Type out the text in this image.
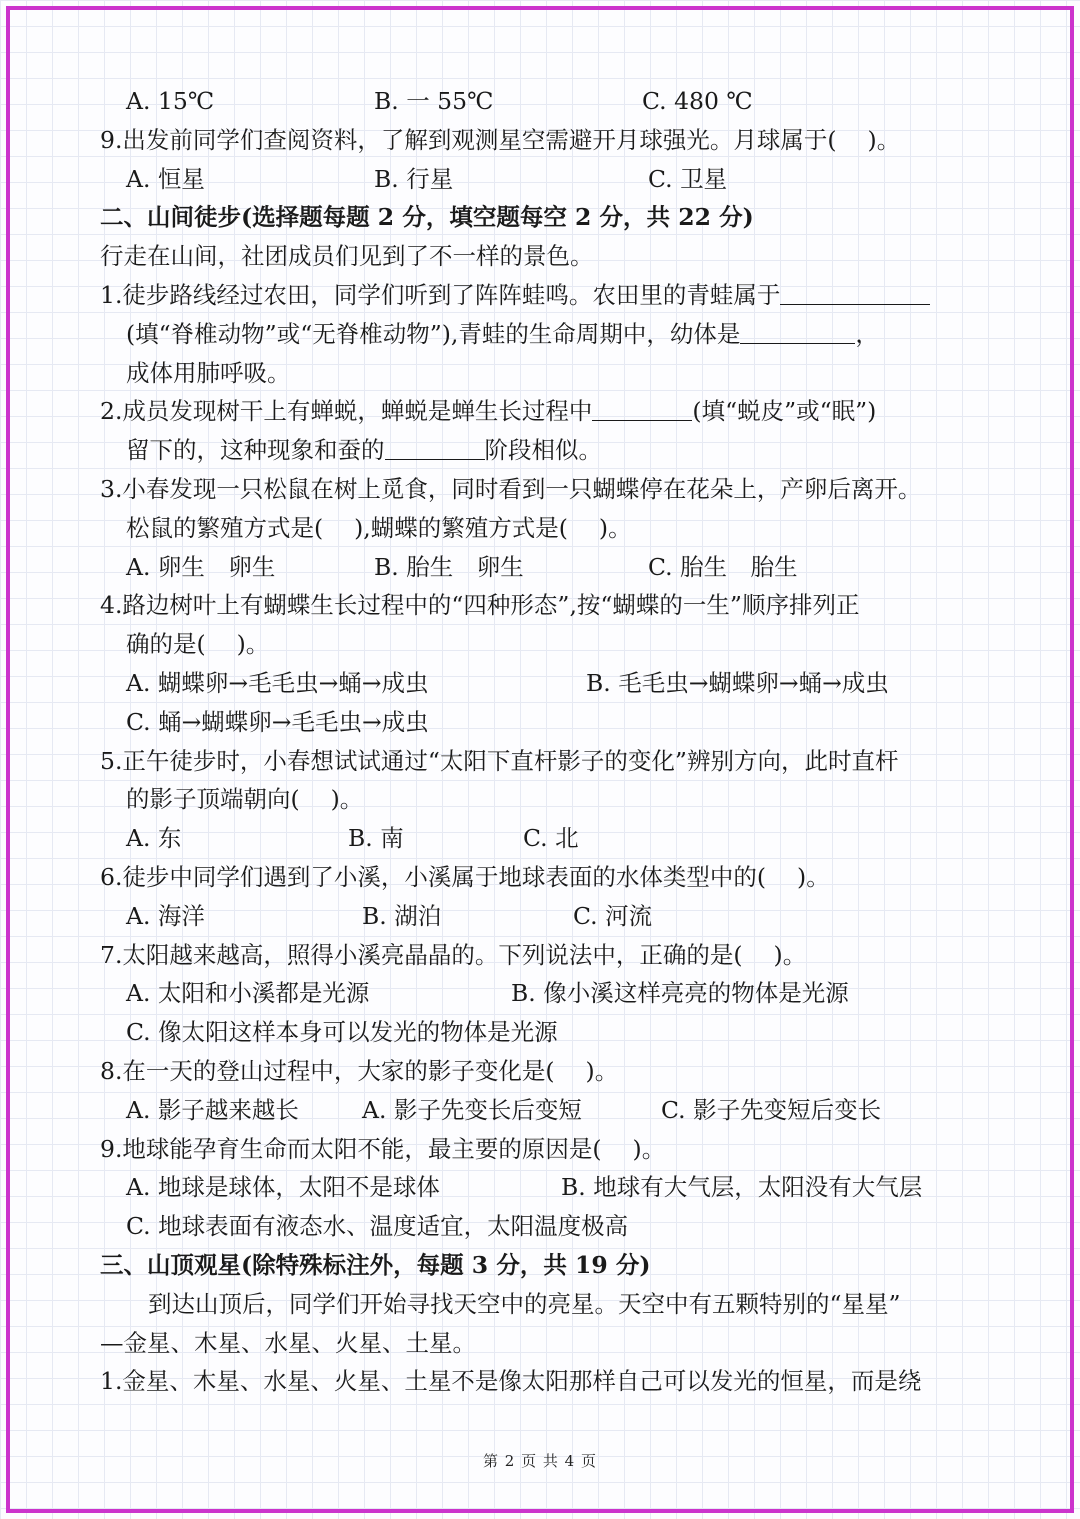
A. 15℃	B. 一 55℃	C. 480 ℃
9.出发前同学们查阅资料，了解到观测星空需避开月球强光。月球属于(　 )。
A. 恒星	B. 行星	C. 卫星
二、山间徒步(选择题每题 2 分，填空题每空 2 分，共 22 分)
行走在山间，社团成员们见到了不一样的景色。
1.徒步路线经过农田，同学们听到了阵阵蛙鸣。农田里的青蛙属于
(填“脊椎动物”或“无脊椎动物”),青蛙的生命周期中，幼体是	，
成体用肺呼吸。
2.成员发现树干上有蝉蜕，蝉蜕是蝉生长过程中	(填“蜕皮”或“眠”)
留下的，这种现象和蚕的	阶段相似。
3.小春发现一只松鼠在树上觅食，同时看到一只蝴蝶停在花朵上，产卵后离开。
松鼠的繁殖方式是(　 ),蝴蝶的繁殖方式是(　 )。
A. 卵生　卵生	B. 胎生　卵生	C. 胎生　胎生
4.路边树叶上有蝴蝶生长过程中的“四种形态”,按“蝴蝶的一生”顺序排列正
确的是(　 )。
A. 蝴蝶卵→毛毛虫→蛹→成虫	B. 毛毛虫→蝴蝶卵→蛹→成虫
C. 蛹→蝴蝶卵→毛毛虫→成虫
5.正午徒步时，小春想试试通过“太阳下直杆影子的变化”辨别方向，此时直杆
的影子顶端朝向(　 )。
A. 东	B. 南	C. 北
6.徒步中同学们遇到了小溪，小溪属于地球表面的水体类型中的(　 )。
A. 海洋	B. 湖泊	C. 河流
7.太阳越来越高，照得小溪亮晶晶的。下列说法中，正确的是(　 )。
A. 太阳和小溪都是光源	B. 像小溪这样亮亮的物体是光源
C. 像太阳这样本身可以发光的物体是光源
8.在一天的登山过程中，大家的影子变化是(　 )。
A. 影子越来越长	A. 影子先变长后变短	C. 影子先变短后变长
9.地球能孕育生命而太阳不能，最主要的原因是(　 )。
A. 地球是球体，太阳不是球体	B. 地球有大气层，太阳没有大气层
C. 地球表面有液态水、温度适宜，太阳温度极高
三、山顶观星(除特殊标注外，每题 3 分，共 19 分)
到达山顶后，同学们开始寻找天空中的亮星。天空中有五颗特别的“星星”
—金星、木星、水星、火星、土星。
1.金星、木星、水星、火星、土星不是像太阳那样自己可以发光的恒星，而是绕
第 2 页 共 4 页
